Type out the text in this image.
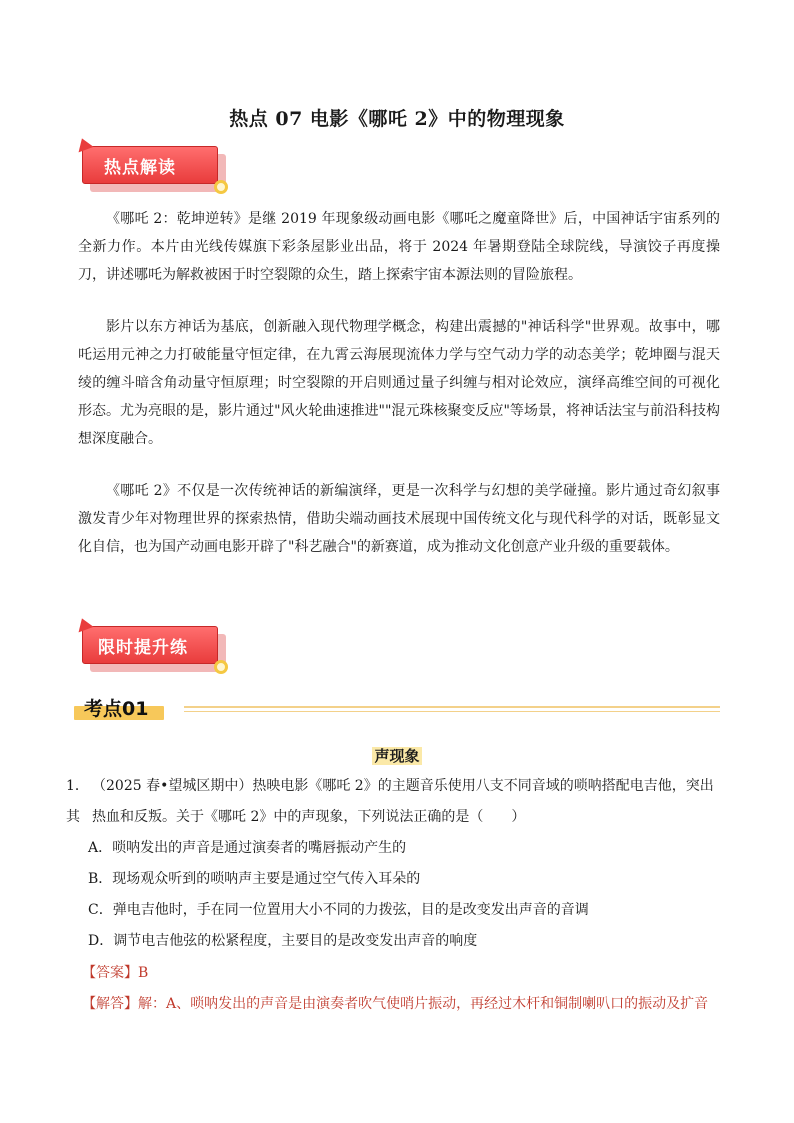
热点 07 电影《哪吒 2》中的物理现象
热点解读

《哪吒 2：乾坤逆转》是继 2019 年现象级动画电影《哪吒之魔童降世》后，中国神话宇宙系列的全新力作。本片由光线传媒旗下彩条屋影业出品，将于 2024 年暑期登陆全球院线，导演饺子再度操刀，讲述哪吒为解救被困于时空裂隙的众生，踏上探索宇宙本源法则的冒险旅程。

影片以东方神话为基底，创新融入现代物理学概念，构建出震撼的"神话科学"世界观。故事中，哪吒运用元神之力打破能量守恒定律，在九霄云海展现流体力学与空气动力学的动态美学；乾坤圈与混天绫的缠斗暗含角动量守恒原理；时空裂隙的开启则通过量子纠缠与相对论效应，演绎高维空间的可视化形态。尤为亮眼的是，影片通过"风火轮曲速推进""混元珠核聚变反应"等场景，将神话法宝与前沿科技构想深度融合。

《哪吒 2》不仅是一次传统神话的新编演绎，更是一次科学与幻想的美学碰撞。影片通过奇幻叙事激发青少年对物理世界的探索热情，借助尖端动画技术展现中国传统文化与现代科学的对话，既彰显文化自信，也为国产动画电影开辟了"科艺融合"的新赛道，成为推动文化创意产业升级的重要载体。

限时提升练
考点01
声现象

1． （2025 春•望城区期中）热映电影《哪吒 2》的主题音乐使用八支不同音域的唢呐搭配电吉他，突出其 热血和反叛。关于《哪吒 2》中的声现象，下列说法正确的是（　　）

A．唢呐发出的声音是通过演奏者的嘴唇振动产生的

B．现场观众听到的唢呐声主要是通过空气传入耳朵的

C．弹电吉他时，手在同一位置用大小不同的力拨弦，目的是改变发出声音的音调

D．调节电吉他弦的松紧程度，主要目的是改变发出声音的响度

【答案】B

【解答】解：A、唢呐发出的声音是由演奏者吹气使哨片振动，再经过木杆和铜制喇叭口的振动及扩音
